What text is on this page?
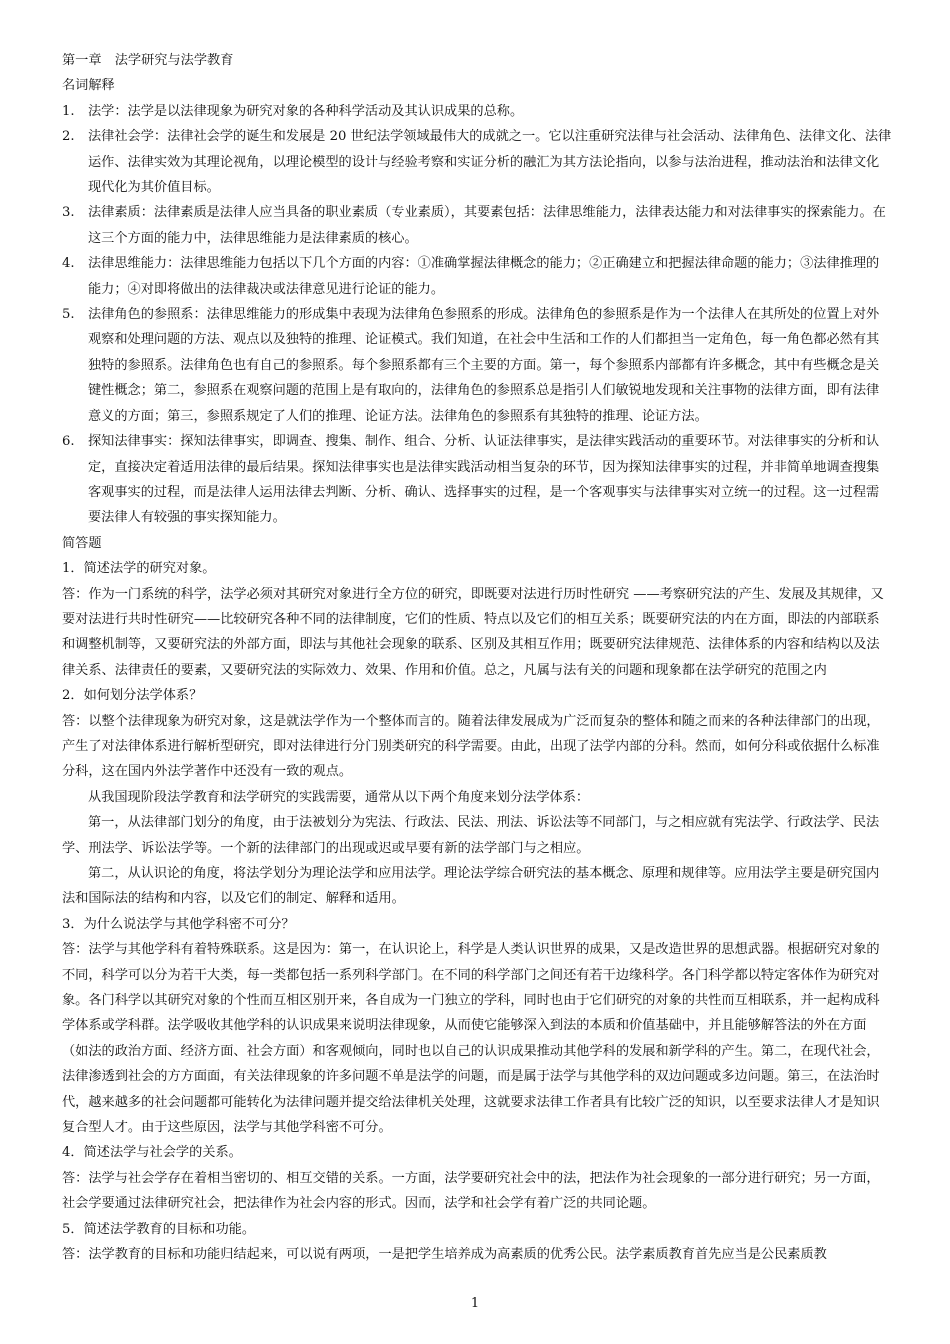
第一章　法学研究与法学教育

名词解释

1. 法学：法学是以法律现象为研究对象的各种科学活动及其认识成果的总称。
2. 法律社会学：法律社会学的诞生和发展是 20 世纪法学领域最伟大的成就之一。它以注重研究法律与社会活动、法律角色、法律文化、法律运作、法律实效为其理论视角，以理论模型的设计与经验考察和实证分析的融汇为其方法论指向，以参与法治进程，推动法治和法律文化现代化为其价值目标。
3. 法律素质：法律素质是法律人应当具备的职业素质（专业素质），其要素包括：法律思维能力，法律表达能力和对法律事实的探索能力。在这三个方面的能力中，法律思维能力是法律素质的核心。
4. 法律思维能力：法律思维能力包括以下几个方面的内容：①准确掌握法律概念的能力；②正确建立和把握法律命题的能力；③法律推理的能力；④对即将做出的法律裁决或法律意见进行论证的能力。
5. 法律角色的参照系：法律思维能力的形成集中表现为法律角色参照系的形成。法律角色的参照系是作为一个法律人在其所处的位置上对外观察和处理问题的方法、观点以及独特的推理、论证模式。我们知道，在社会中生活和工作的人们都担当一定角色，每一角色都必然有其独特的参照系。法律角色也有自己的参照系。每个参照系都有三个主要的方面。第一，每个参照系内部都有许多概念，其中有些概念是关键性概念；第二，参照系在观察问题的范围上是有取向的，法律角色的参照系总是指引人们敏锐地发现和关注事物的法律方面，即有法律意义的方面；第三，参照系规定了人们的推理、论证方法。法律角色的参照系有其独特的推理、论证方法。
6. 探知法律事实：探知法律事实，即调查、搜集、制作、组合、分析、认证法律事实，是法律实践活动的重要环节。对法律事实的分析和认定，直接决定着适用法律的最后结果。探知法律事实也是法律实践活动相当复杂的环节，因为探知法律事实的过程，并非简单地调查搜集客观事实的过程，而是法律人运用法律去判断、分析、确认、选择事实的过程，是一个客观事实与法律事实对立统一的过程。这一过程需要法律人有较强的事实探知能力。

简答题

1．简述法学的研究对象。

答：作为一门系统的科学，法学必须对其研究对象进行全方位的研究，即既要对法进行历时性研究 ——考察研究法的产生、发展及其规律，又要对法进行共时性研究——比较研究各种不同的法律制度，它们的性质、特点以及它们的相互关系；既要研究法的内在方面，即法的内部联系和调整机制等，又要研究法的外部方面，即法与其他社会现象的联系、区别及其相互作用；既要研究法律规范、法律体系的内容和结构以及法律关系、法律责任的要素，又要研究法的实际效力、效果、作用和价值。总之，凡属与法有关的问题和现象都在法学研究的范围之内

2．如何划分法学体系？

答：以整个法律现象为研究对象，这是就法学作为一个整体而言的。随着法律发展成为广泛而复杂的整体和随之而来的各种法律部门的出现，产生了对法律体系进行解析型研究，即对法律进行分门别类研究的科学需要。由此，出现了法学内部的分科。然而，如何分科或依据什么标准分科，这在国内外法学著作中还没有一致的观点。

从我国现阶段法学教育和法学研究的实践需要，通常从以下两个角度来划分法学体系：

第一，从法律部门划分的角度，由于法被划分为宪法、行政法、民法、刑法、诉讼法等不同部门，与之相应就有宪法学、行政法学、民法学、刑法学、诉讼法学等。一个新的法律部门的出现或迟或早要有新的法学部门与之相应。

第二，从认识论的角度，将法学划分为理论法学和应用法学。理论法学综合研究法的基本概念、原理和规律等。应用法学主要是研究国内法和国际法的结构和内容，以及它们的制定、解释和适用。

3．为什么说法学与其他学科密不可分？

答：法学与其他学科有着特殊联系。这是因为：第一，在认识论上，科学是人类认识世界的成果，又是改造世界的思想武器。根据研究对象的不同，科学可以分为若干大类，每一类都包括一系列科学部门。在不同的科学部门之间还有若干边缘科学。各门科学都以特定客体作为研究对象。各门科学以其研究对象的个性而互相区别开来，各自成为一门独立的学科，同时也由于它们研究的对象的共性而互相联系，并一起构成科学体系或学科群。法学吸收其他学科的认识成果来说明法律现象，从而使它能够深入到法的本质和价值基础中，并且能够解答法的外在方面（如法的政治方面、经济方面、社会方面）和客观倾向，同时也以自己的认识成果推动其他学科的发展和新学科的产生。第二，在现代社会，法律渗透到社会的方方面面，有关法律现象的许多问题不单是法学的问题，而是属于法学与其他学科的双边问题或多边问题。第三，在法治时代，越来越多的社会问题都可能转化为法律问题并提交给法律机关处理，这就要求法律工作者具有比较广泛的知识，以至要求法律人才是知识复合型人才。由于这些原因，法学与其他学科密不可分。

4．简述法学与社会学的关系。

答：法学与社会学存在着相当密切的、相互交错的关系。一方面，法学要研究社会中的法，把法作为社会现象的一部分进行研究；另一方面，社会学要通过法律研究社会，把法律作为社会内容的形式。因而，法学和社会学有着广泛的共同论题。

5．简述法学教育的目标和功能。

答：法学教育的目标和功能归结起来，可以说有两项，一是把学生培养成为高素质的优秀公民。法学素质教育首先应当是公民素质教

1
